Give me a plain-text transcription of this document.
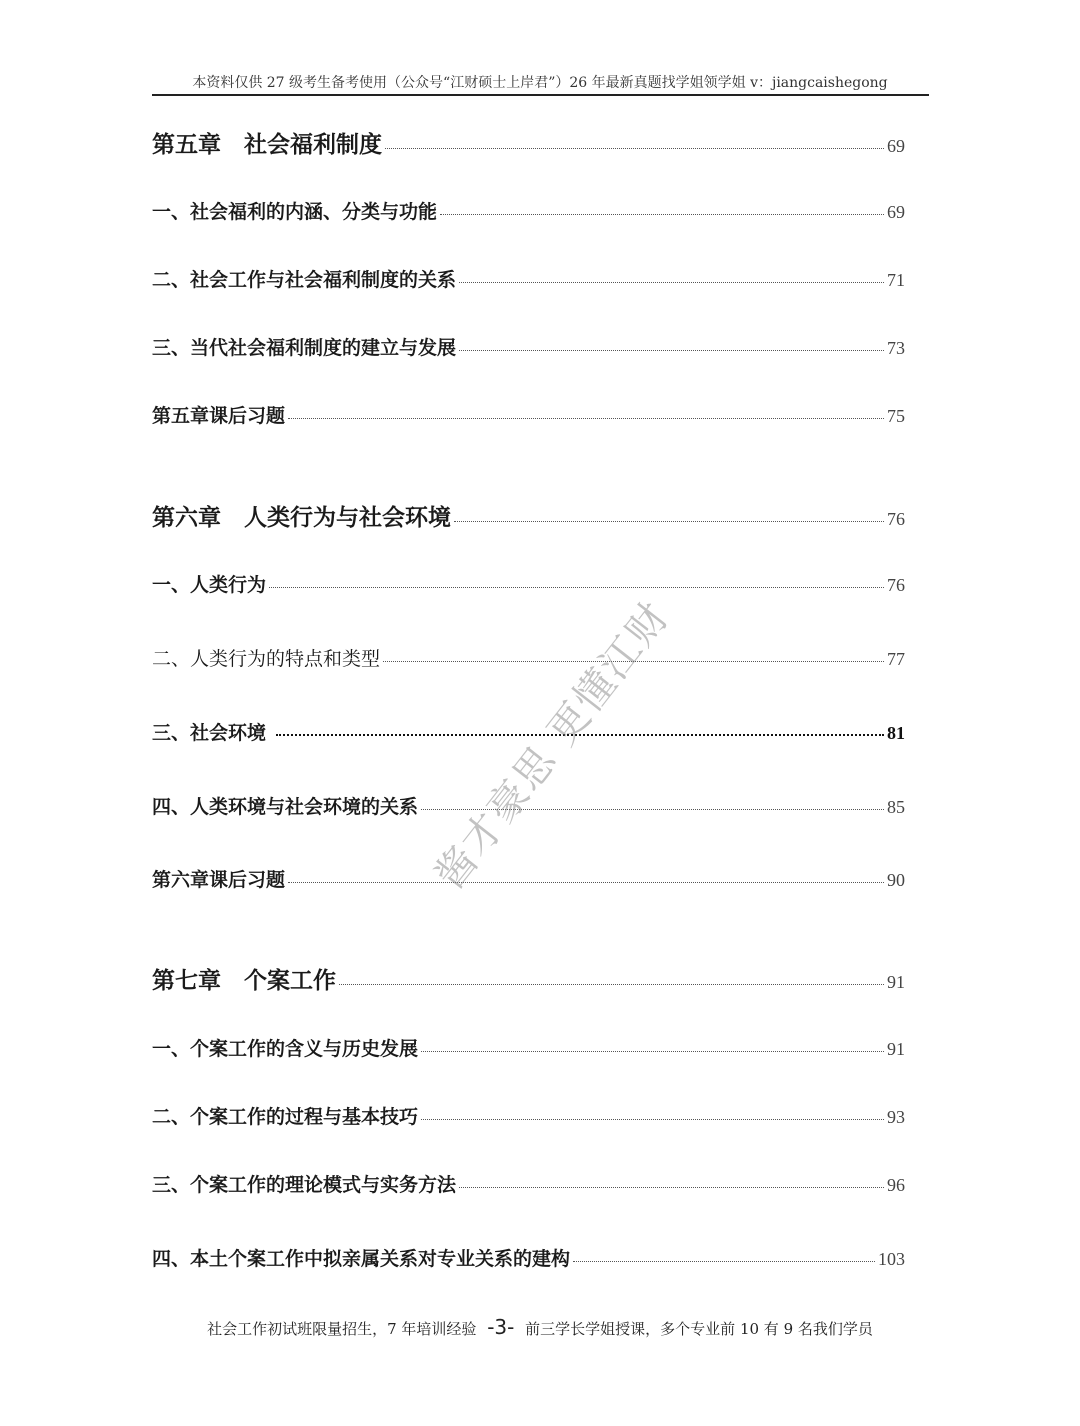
本资料仅供 27 级考生备考使用（公众号“江财硕士上岸君”）26 年最新真题找学姐领学姐 v：jiangcaishegong
第五章　社会福利制度	69
一、社会福利的内涵、分类与功能	69
二、社会工作与社会福利制度的关系	71
三、当代社会福利制度的建立与发展	73
第五章课后习题	75
第六章　人类行为与社会环境	76
一、人类行为	76
二、人类行为的特点和类型	77
三、社会环境	81
四、人类环境与社会环境的关系	85
第六章课后习题	90
第七章　个案工作	91
一、个案工作的含义与历史发展	91
二、个案工作的过程与基本技巧	93
三、个案工作的理论模式与实务方法	96
四、本土个案工作中拟亲属关系对专业关系的建构	103
酱才豪思 更懂江财
社会工作初试班限量招生，7 年培训经验 -3- 前三学长学姐授课，多个专业前 10 有 9 名我们学员
